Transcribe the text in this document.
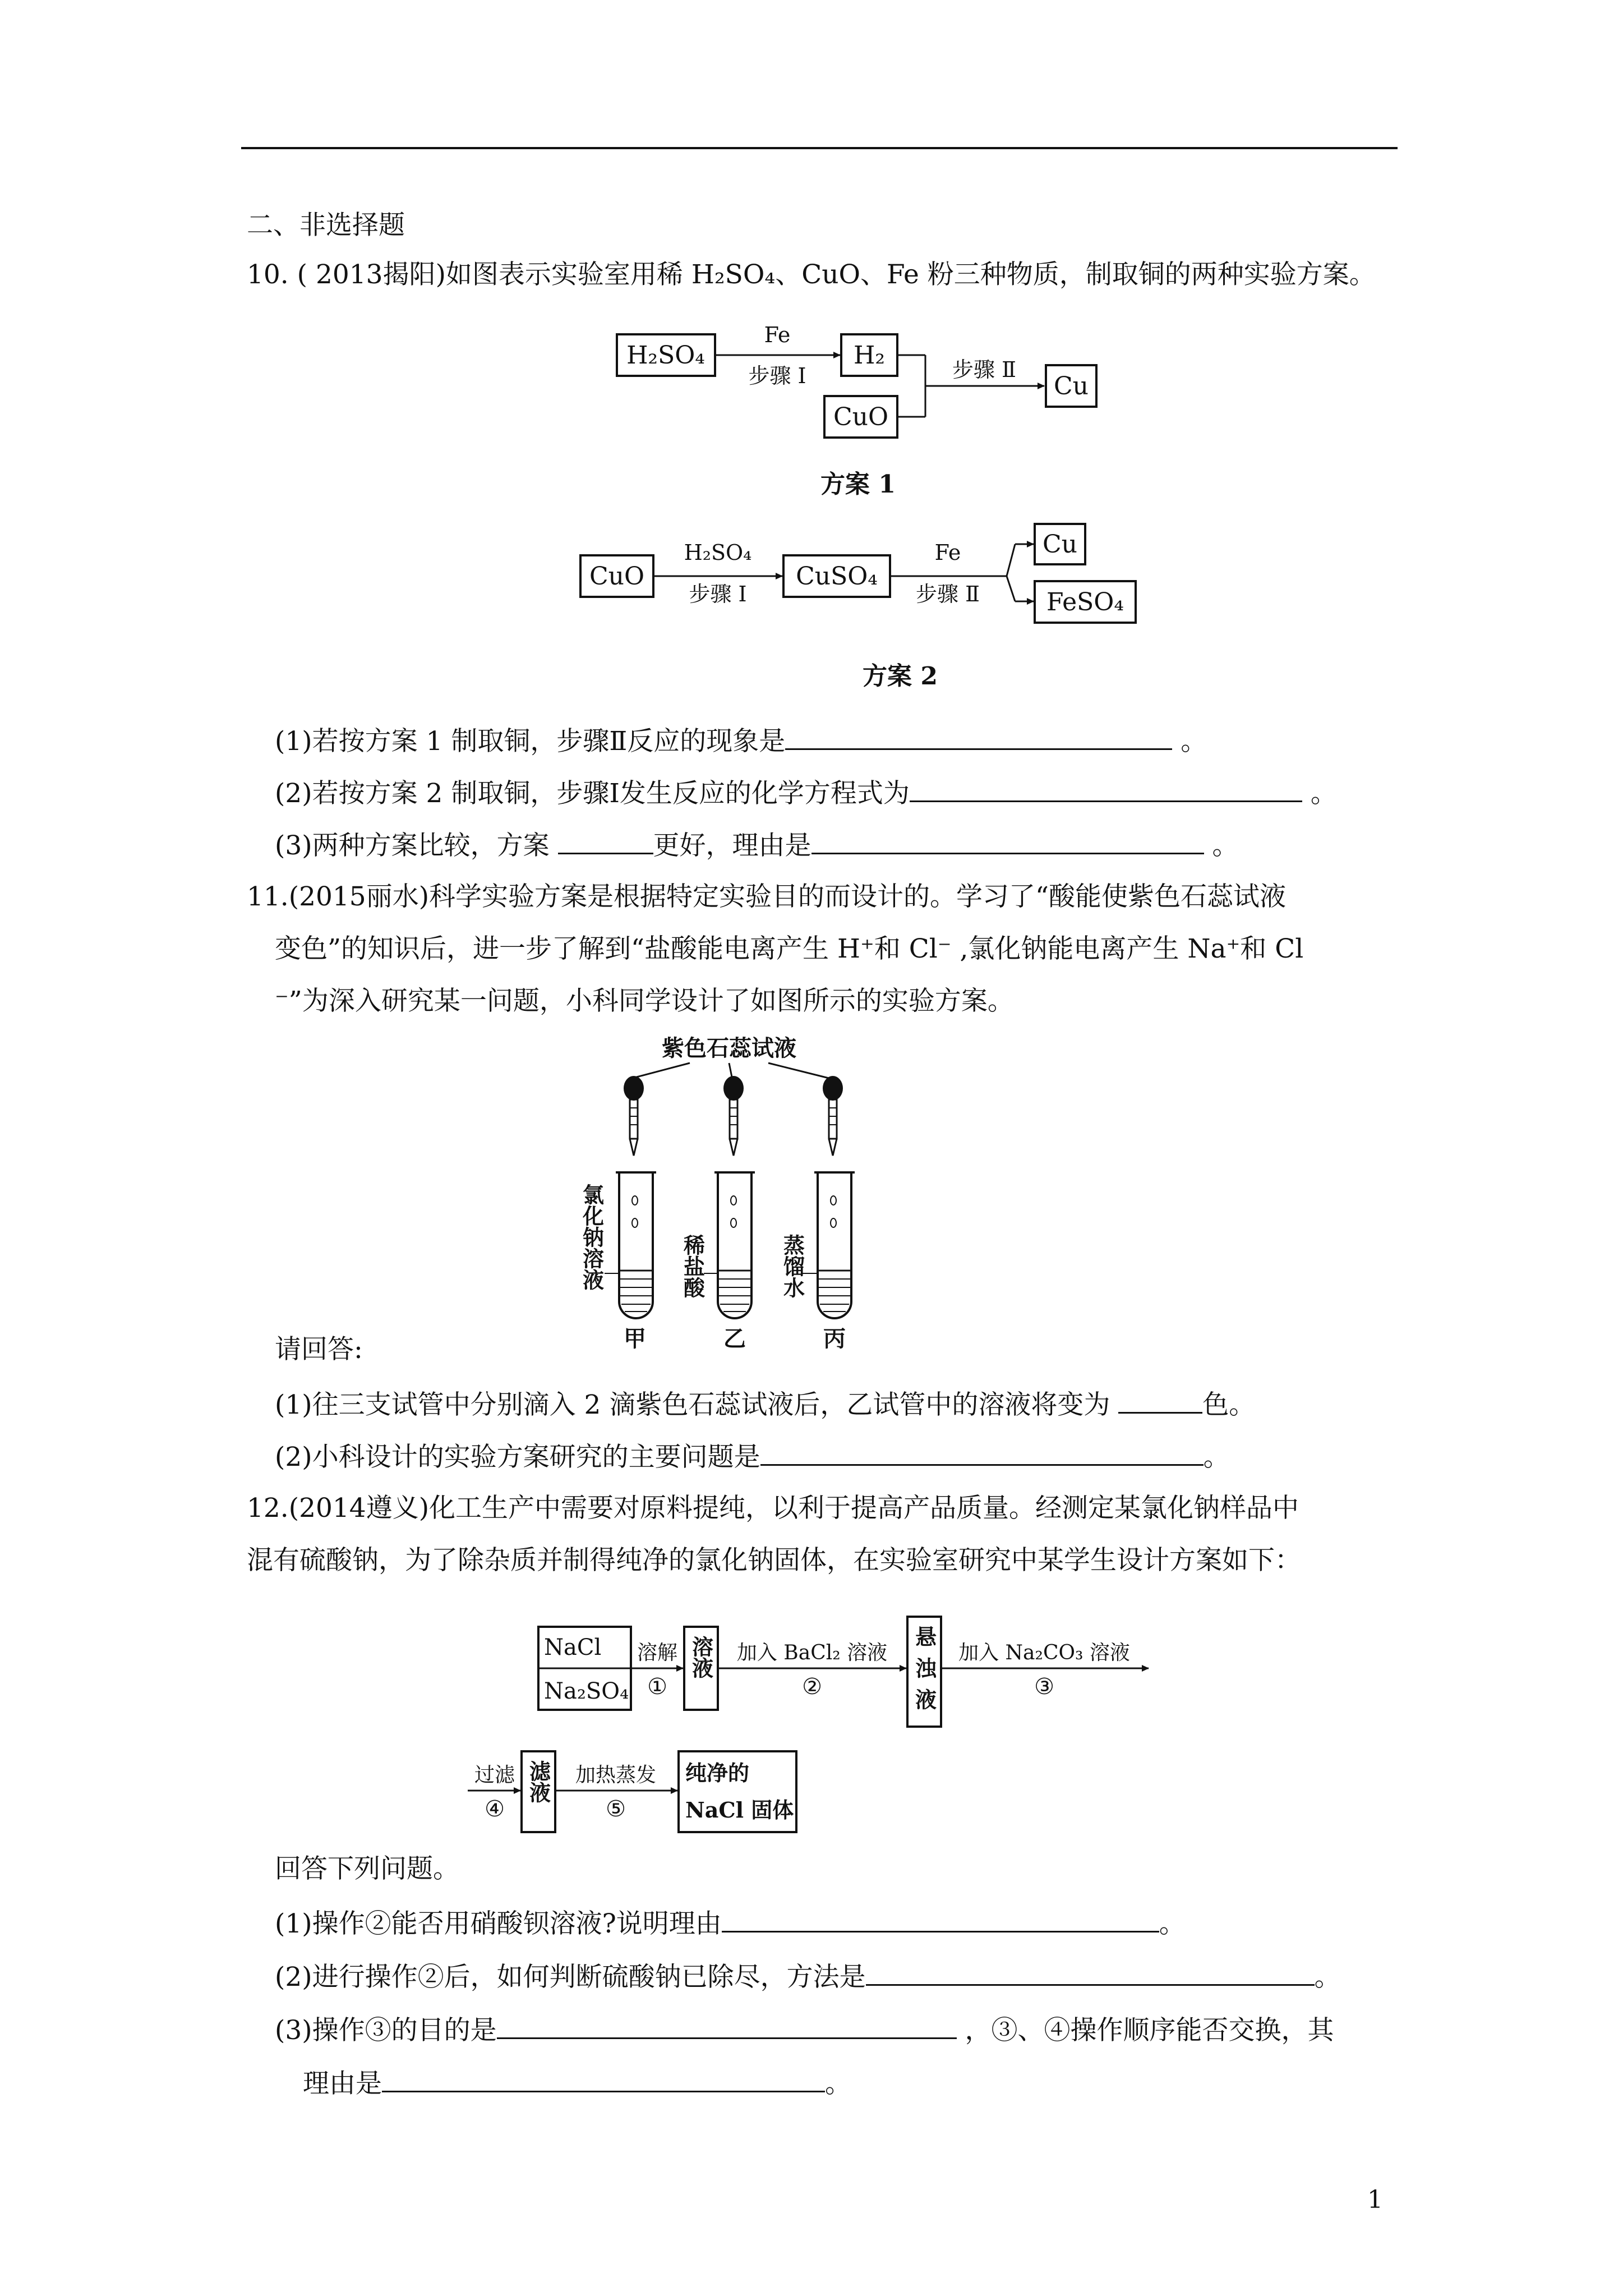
二、非选择题

10. ( 2013揭阳)如图表示实验室用稀 H₂SO₄、CuO、Fe 粉三种物质，制取铜的两种实验方案。

H₂SO₄
Fe
步骤 Ⅰ
H₂
CuO
步骤 Ⅱ
Cu
方案 1
CuO
H₂SO₄
步骤 Ⅰ
CuSO₄
Fe
步骤 Ⅱ
Cu
FeSO₄
方案 2

(1)若按方案 1 制取铜，步骤Ⅱ反应的现象是	。

(2)若按方案 2 制取铜，步骤Ⅰ发生反应的化学方程式为	。

(3)两种方案比较，方案	更好，理由是	。

11.(2015丽水)科学实验方案是根据特定实验目的而设计的。学习了“酸能使紫色石蕊试液

变色”的知识后，进一步了解到“盐酸能电离产生 H⁺和 Cl⁻ ,氯化钠能电离产生 Na⁺和 Cl

⁻”为深入研究某一问题，小科同学设计了如图所示的实验方案。

紫色石蕊试液
氯化钠溶液	稀盐酸	蒸馏水
甲	乙	丙

请回答:

(1)往三支试管中分别滴入 2 滴紫色石蕊试液后，乙试管中的溶液将变为	色。

(2)小科设计的实验方案研究的主要问题是	。

12.(2014遵义)化工生产中需要对原料提纯，以利于提高产品质量。经测定某氯化钠样品中

混有硫酸钠，为了除杂质并制得纯净的氯化钠固体，在实验室研究中某学生设计方案如下：

NaCl
Na₂SO₄
溶解
①
溶液 加入 BaCl₂ 溶液
②	悬浊液 加入 Na₂CO₃ 溶液
③
过滤
④
滤液 加热蒸发
⑤
纯净的
NaCl 固体

回答下列问题。

(1)操作②能否用硝酸钡溶液?说明理由	。

(2)进行操作②后，如何判断硫酸钠已除尽，方法是	。

(3)操作③的目的是	，③、④操作顺序能否交换，其

理由是	。

1
